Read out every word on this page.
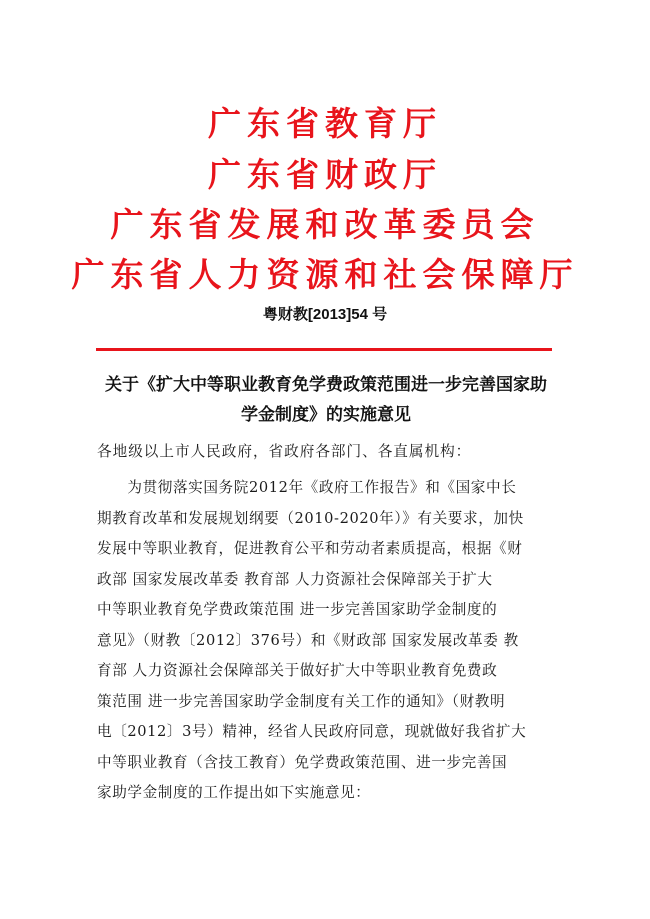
广东省教育厅
广东省财政厅
广东省发展和改革委员会
广东省人力资源和社会保障厅
粤财教[2013]54 号
关于《扩大中等职业教育免学费政策范围进一步完善国家助
学金制度》的实施意见
各地级以上市人民政府，省政府各部门、各直属机构：
　　为贯彻落实国务院2012年《政府工作报告》和《国家中长
期教育改革和发展规划纲要（2010-2020年）》有关要求，加快
发展中等职业教育，促进教育公平和劳动者素质提高，根据《财
政部 国家发展改革委 教育部 人力资源社会保障部关于扩大
中等职业教育免学费政策范围 进一步完善国家助学金制度的
意见》（财教〔2012〕376号）和《财政部 国家发展改革委 教
育部 人力资源社会保障部关于做好扩大中等职业教育免费政
策范围 进一步完善国家助学金制度有关工作的通知》（财教明
电〔2012〕3号）精神，经省人民政府同意，现就做好我省扩大
中等职业教育（含技工教育）免学费政策范围、进一步完善国
家助学金制度的工作提出如下实施意见：
